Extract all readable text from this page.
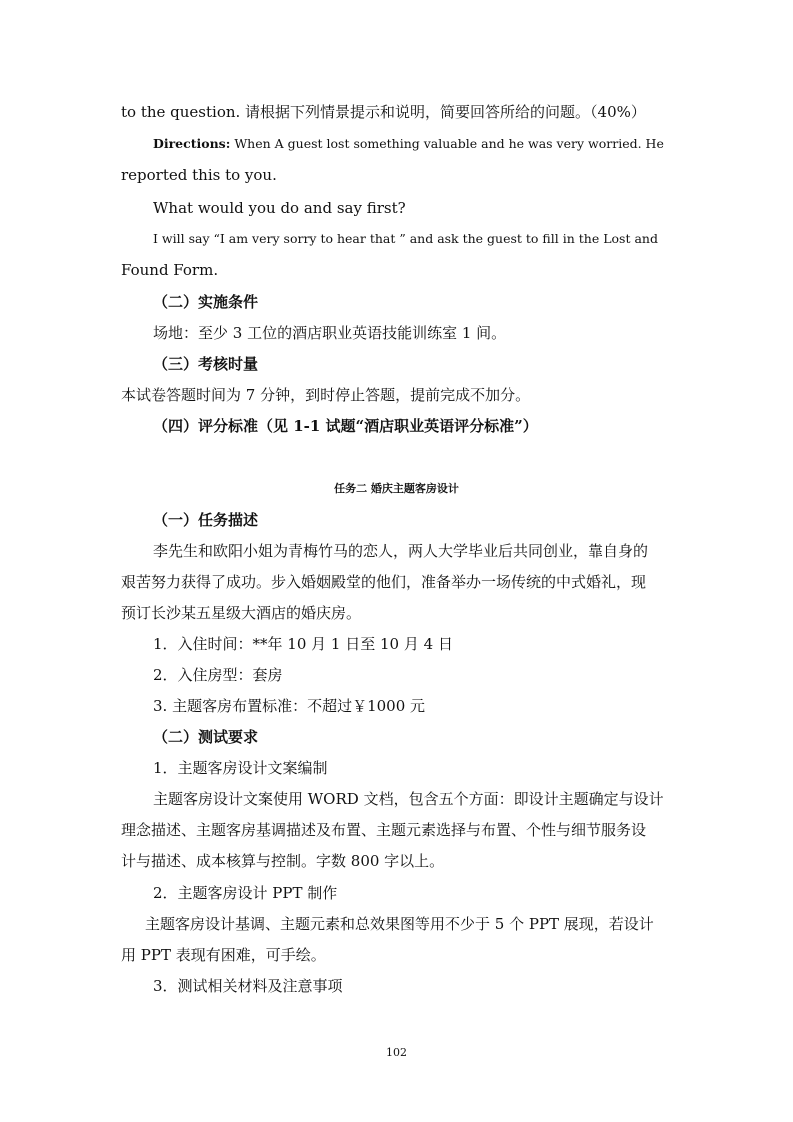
to the question. 请根据下列情景提示和说明，简要回答所给的问题。（40%）
Directions: When A guest lost something valuable and he was very worried. He
reported this to you.
What would you do and say first?
I will say “I am very sorry to hear that ” and ask the guest to fill in the Lost and
Found Form.
（二）实施条件
场地：至少 3 工位的酒店职业英语技能训练室 1 间。
（三）考核时量
本试卷答题时间为 7 分钟，到时停止答题，提前完成不加分。
（四）评分标准（见 1-1 试题“酒店职业英语评分标准”）
任务二 婚庆主题客房设计
（一）任务描述
李先生和欧阳小姐为青梅竹马的恋人，两人大学毕业后共同创业，靠自身的
艰苦努力获得了成功。步入婚姻殿堂的他们，准备举办一场传统的中式婚礼，现
预订长沙某五星级大酒店的婚庆房。
1．入住时间：**年 10 月 1 日至 10 月 4 日
2．入住房型：套房
3. 主题客房布置标准：不超过￥1000 元
（二）测试要求
1．主题客房设计文案编制
主题客房设计文案使用 WORD 文档，包含五个方面：即设计主题确定与设计
理念描述、主题客房基调描述及布置、主题元素选择与布置、个性与细节服务设
计与描述、成本核算与控制。字数 800 字以上。
2．主题客房设计 PPT 制作
主题客房设计基调、主题元素和总效果图等用不少于 5 个 PPT 展现，若设计
用 PPT 表现有困难，可手绘。
3．测试相关材料及注意事项
102
